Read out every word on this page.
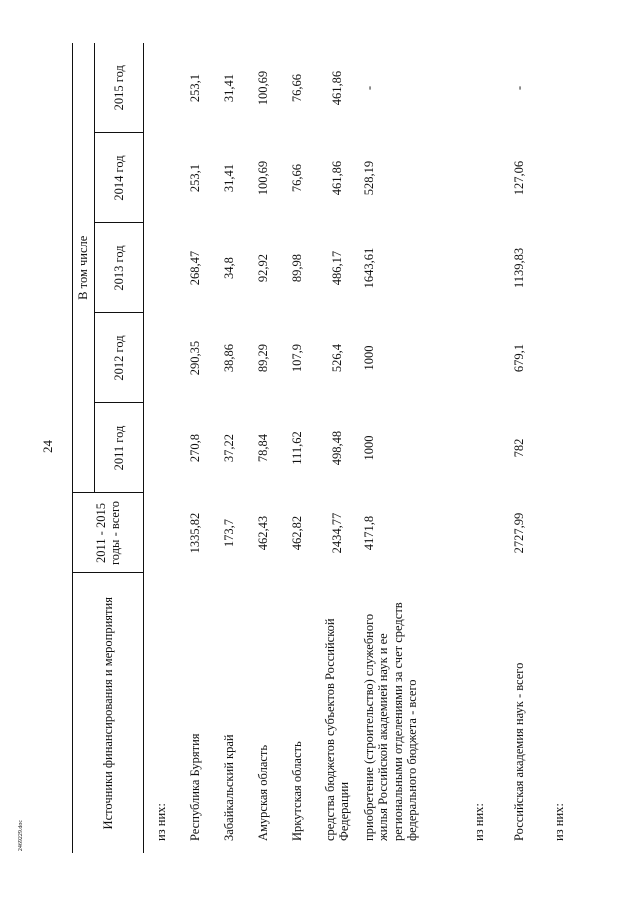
24
2469229.doc

Источники финансирования и мероприятия	2011 - 2015 годы - всего	В том числе				
		2011 год	2012 год	2013 год	2014 год	2015 год
из них:						
Республика Бурятия	1335,82	270,8	290,35	268,47	253,1	253,1
Забайкальский край	173,7	37,22	38,86	34,8	31,41	31,41
Амурская область	462,43	78,84	89,29	92,92	100,69	100,69
Иркутская область	462,82	111,62	107,9	89,98	76,66	76,66
средства бюджетов субъектов Российской Федерации	2434,77	498,48	526,4	486,17	461,86	461,86
приобретение (строительство) служебного жилья Российской академией наук и ее региональными отделениями за счет средств федерального бюджета - всего	4171,8	1000	1000	1643,61	528,19	-
из них:						
Российская академия наук - всего	2727,99	782	679,1	1139,83	127,06	-
из них:						
